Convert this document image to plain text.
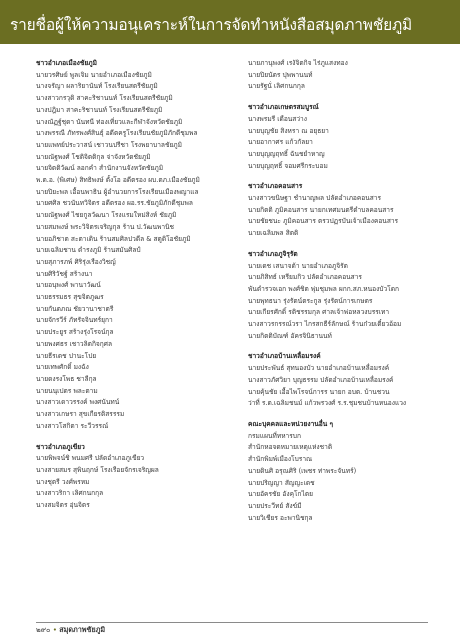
รายชื่อผู้ให้ความอนุเคราะห์ในการจัดทำหนังสือสมุดภาพชัยภูมิ
ชาวอำเภอเมืองชัยภูมิ
นายวรศิษย์ พูลเจิม นายอำเภอเมืองชัยภูมิ
นางจรัญา ผลาริยานันท์ โรงเรียนสตรีชัยภูมิ
นางสาวกรวุดิ สาคะริชานนท์ โรงเรียนสตรีชัยภูมิ
นางปฎิมา สาคะริชานนท์ โรงเรียนสตรีชัยภูมิ
นางณัฏฐ์ชุดา นันทนี ท่องเที่ยวและกีฬาจังหวัดชัยภูมิ
นางพรรณี ภัทรพงศ์สินธุ์ อดีตครูโรงเรียนชัยภูมิภักดีชุมพล
นายแพทย์ประวาสน์ เชาวนปรีชา โรงพยาบาลชัยภูมิ
นายณัฐพงศ์ โชติจิตติกุล จ่าจังหวัดชัยภูมิ
นายจิตติวัฒน์ ลอกคำ สำนักงานจังหวัดชัยภูมิ
พ.ต.อ. (พิเศษ) สิทธิพงษ์ ตั้งโอ อดีตรอง ผบ.ตภ.เมืองชัยภูมิ
นายปิยะพล เอื้อนพาธิน ผู้อำนวยการโรงเรียนเมืองพญาแล
นายศศิล ชวนันทวิจิตร อดีตรอง ผอ.รร.ชัยภูมิภักดีชุมพล
นายณัฐพงศ์ ไชยกูลวัฒนา โรงแรมใหม่สิงห์ ชัยภูมิ
นายสมพงษ์ พระวิจิตรเจริญกุล ร้าน ป.วัฒนพานิช
นายอภิชาต สะตาเดิน ร้านสมศิลปวดีล & สตูดิโอชัยภูมิ
นายเฉลิมชาน ดำรงภูมิ ร้านสมันศิลป์
นายสุภารภพ์ ศิริรุ่งเรืองวิชญ์
นายศิริวัชฐ์ สร้างนา
นายอนุพงศ์ พานาวัฒน์
นายธรรมธร สุขจิตภูฒร
นายกันตภณ ชัยวานาชาตรี
นายจักรวีร์ ภัทรัจจินทร์ยุกา
นายประยูร สร้างรุ่งโรจน์กุล
นายพงศธร เชาวลิตกิจกุศล
นายธีรเดช ปานะโปย
นายเทพศักดิ์ มงฉัง
นายดงรงโพธ ชาลีกุล
นายนนุเปตร พละตาม
นางสาวเดาวรรงค์ พงศนันทน์
นางสาวเกษรา สุขเกียรติสรรรม
นางสาวโสกิตา ระวีวรรณ์
ชาวอำเภอภูเขียว
นายพิพจน์ชิ พนมศรี ปลัดอำเภอภูเขียว
นางสายสมร สุพินฤกษ์ โรงเรือยจักรเจริญผล
นางชุตรี วงศ์พรหม
นางสาวริกา เลิศกนกกุล
นางสมจิตร อุ่นจิตร
นายภานุพงศ์ เรงัจิตกิจ ไร่ภูแสงทอง
นายปิยนัตร ปุพพานนท์
นายรัฐนั่ เลิศกนกกุล
ชาวอำเภอเกษตรสมบูรณ์
นางพรมรี เดือนสว่าง
นายบุญชัย สิงหรา ณ อยุธยา
นายอากาศร แก้วกัลยา
นายบุญญฤทธิ์ ฉันชยำหาญ
นายบุญฤทธิ์ จอมศรีกระบอม
ชาวอำเภอคอนสาร
นางสาวขนิษฐา ชำนาญพล ปลัดอำเภอคอนสาร
นายกิตติ ภูมิคอนสาร นายกเทศมนตรีตำบลคอนสาร
นายชัยชนะ ภูมิคอนสาร ตรวปฏรบันเจ้าเมืองคอนสาร
นายเฉลิมพล สิตติ
ชาวอำเภอภูจิรุรัต
นายเดช เสนาจต้า นายอำเภอภูจิรัต
นายภิสิทธ์ เหรียมกิว ปลัดอำเภอคอนสาร
พันตำรวจเอก พงศ์ชิต พุ่มชุมพล ผกก.สภ.หนองบัวโดก
นายพุทธนา รุ่งรัตน์ตระกูล รุ่งรัตน์การเกษตร
นายเกียรศักดิ์ รติชรรมกุล ศาลเจ้าพ่อหลวงบรรเทา
นางสาวรกรรณ์วรา ไกรสกธีร์ลักษณ์ ร้านก๋วยเตี๋ยวอ้อม
นายกิตติบัณฑ์ อัครจินิธานนท์
ชาวอำเภอบ้านเหลื่อมรงค์
นายประพันธ์ สุทนองบัว นายอำเภอบ้านเหลื่อมรงค์
นางสาวภัศวิยา บุญธรรม ปลัดอำเภอบ้านเหลื่อมรงค์
นายคุ้นชัย เอื้อไพโรจน์การร นายก อบต. บ้านชวน
ว่าที่ ร.ต.เฉลิมชนม์ แก้วพรวงศ์ ร.ร.ชุมชนบ้านหนองแวง
คณะบุคคลและหน่วยงานอื่น ๆ
กรมแผนที่ทหารบก
สำนักหอจดหมายเหตุแห่งชาติ
สำนักพิมพ์เมืองโบราณ
นายดินศิ อรุณศิริ (เพชร ท่าพระจันทร์)
นายปริญญา สัญญะเดช
นายอัครชัย อังคุโกไตย
นายประวีทย์ สังข์มี
นายวิเชียร อะพานิชกุล
๒๙๐ • สมุดภาพชัยภูมิ
